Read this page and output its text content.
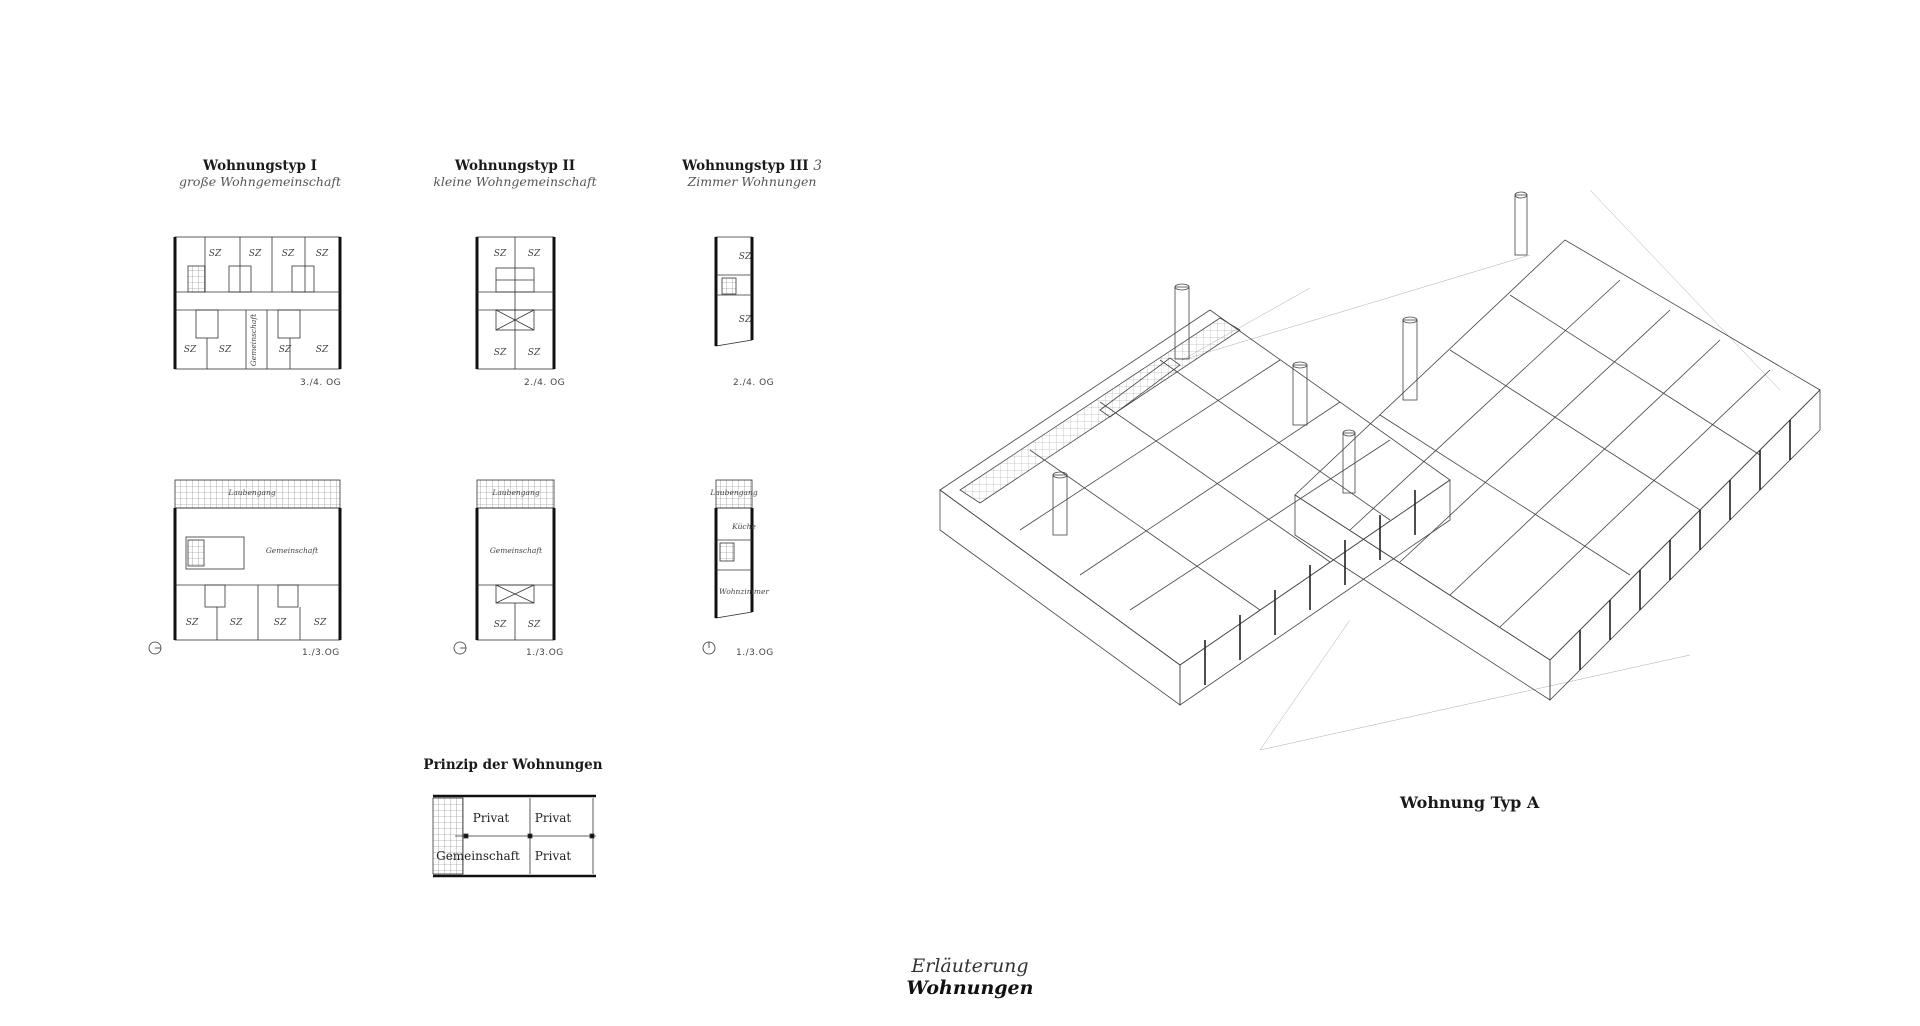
Wohnungstyp I
große Wohngemeinschaft
Wohnungstyp II
kleine Wohngemeinschaft
Wohnungstyp III 3
Zimmer Wohnungen
SZ	SZ SZ SZ
SZ	SZ	SZ	SZ
Gemeinschaft
SZ SZ
SZ SZ
SZ
SZ
Laubengang
Gemeinschaft
SZ	SZ	SZ	SZ
Laubengang
Gemeinschaft
SZ SZ
Laubengang
Küche
Wohnzimmer
Privat Privat
Gemeinschaft Privat
3./4. OG	2./4. OG	2./4. OG
1./3.OG	1./3.OG	1./3.OG
Prinzip der Wohnungen
Wohnung Typ A
Erläuterung
Wohnungen
